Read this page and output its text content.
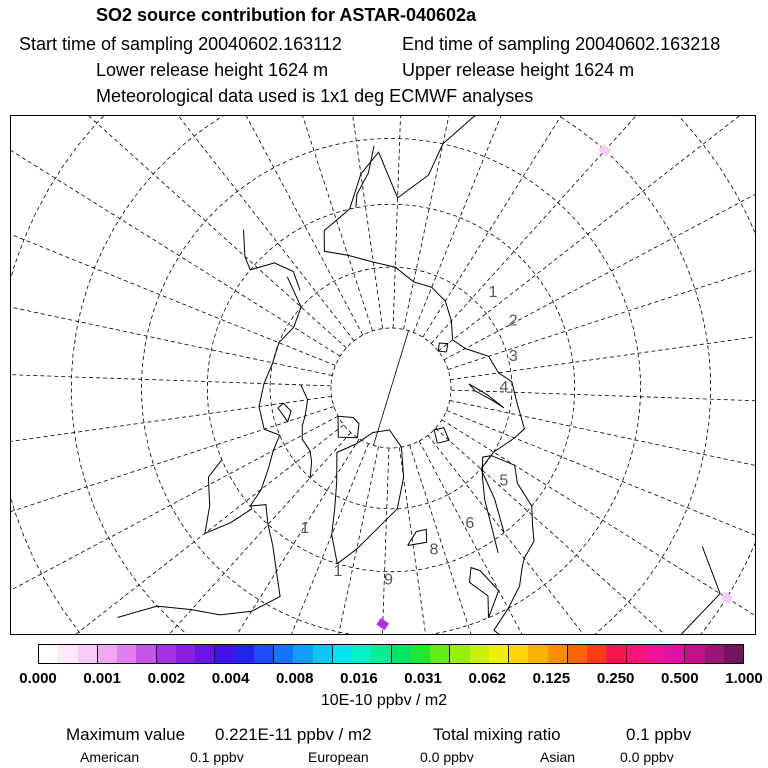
SO2 source contribution for ASTAR-040602a
Start time of sampling 20040602.163112	End time of sampling 20040602.163218
Lower release height 1624 m	Upper release height 1624 m
Meteorological data used is 1x1 deg ECMWF analyses
4
3
2
1
5
6
8
9
1
1
0.000 0.001 0.002 0.004 0.008 0.016 0.031 0.062 0.125 0.250 0.500 1.000
10E-10 ppbv / m2
Maximum value 0.221E-11 ppbv / m2	Total mixing ratio	0.1 ppbv
American	0.1 ppbv	European	0.0 ppbv	Asian	0.0 ppbv
